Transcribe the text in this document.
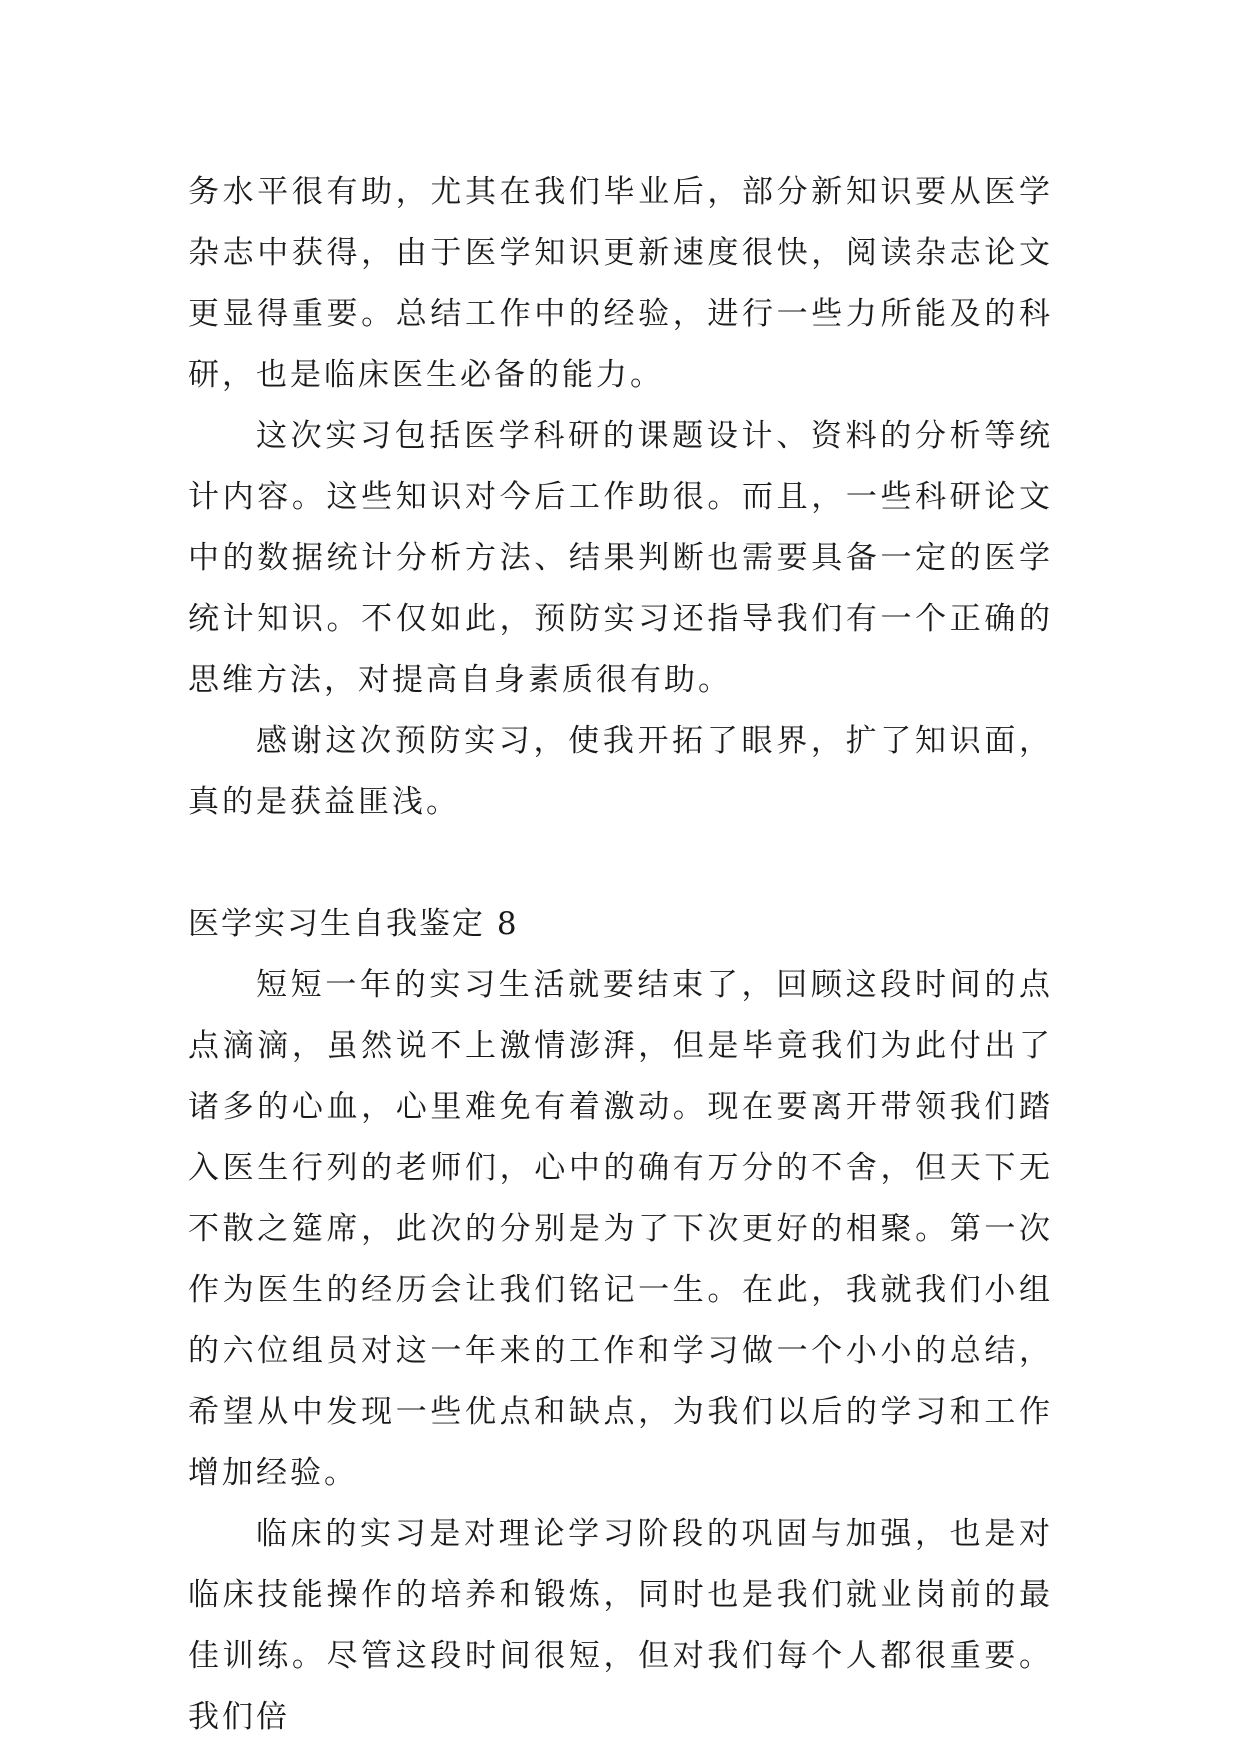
务水平很有助，尤其在我们毕业后，部分新知识要从医学杂志中获得，由于医学知识更新速度很快，阅读杂志论文更显得重要。总结工作中的经验，进行一些力所能及的科研，也是临床医生必备的能力。

这次实习包括医学科研的课题设计、资料的分析等统计内容。这些知识对今后工作助很。而且，一些科研论文中的数据统计分析方法、结果判断也需要具备一定的医学统计知识。不仅如此，预防实习还指导我们有一个正确的思维方法，对提高自身素质很有助。

感谢这次预防实习，使我开拓了眼界，扩了知识面，真的是获益匪浅。

医学实习生自我鉴定 8

短短一年的实习生活就要结束了，回顾这段时间的点点滴滴，虽然说不上激情澎湃，但是毕竟我们为此付出了诸多的心血，心里难免有着激动。现在要离开带领我们踏入医生行列的老师们，心中的确有万分的不舍，但天下无不散之筵席，此次的分别是为了下次更好的相聚。第一次作为医生的经历会让我们铭记一生。在此，我就我们小组的六位组员对这一年来的工作和学习做一个小小的总结，希望从中发现一些优点和缺点，为我们以后的学习和工作增加经验。

临床的实习是对理论学习阶段的巩固与加强，也是对临床技能操作的培养和锻炼，同时也是我们就业岗前的最佳训练。尽管这段时间很短，但对我们每个人都很重要。我们倍
